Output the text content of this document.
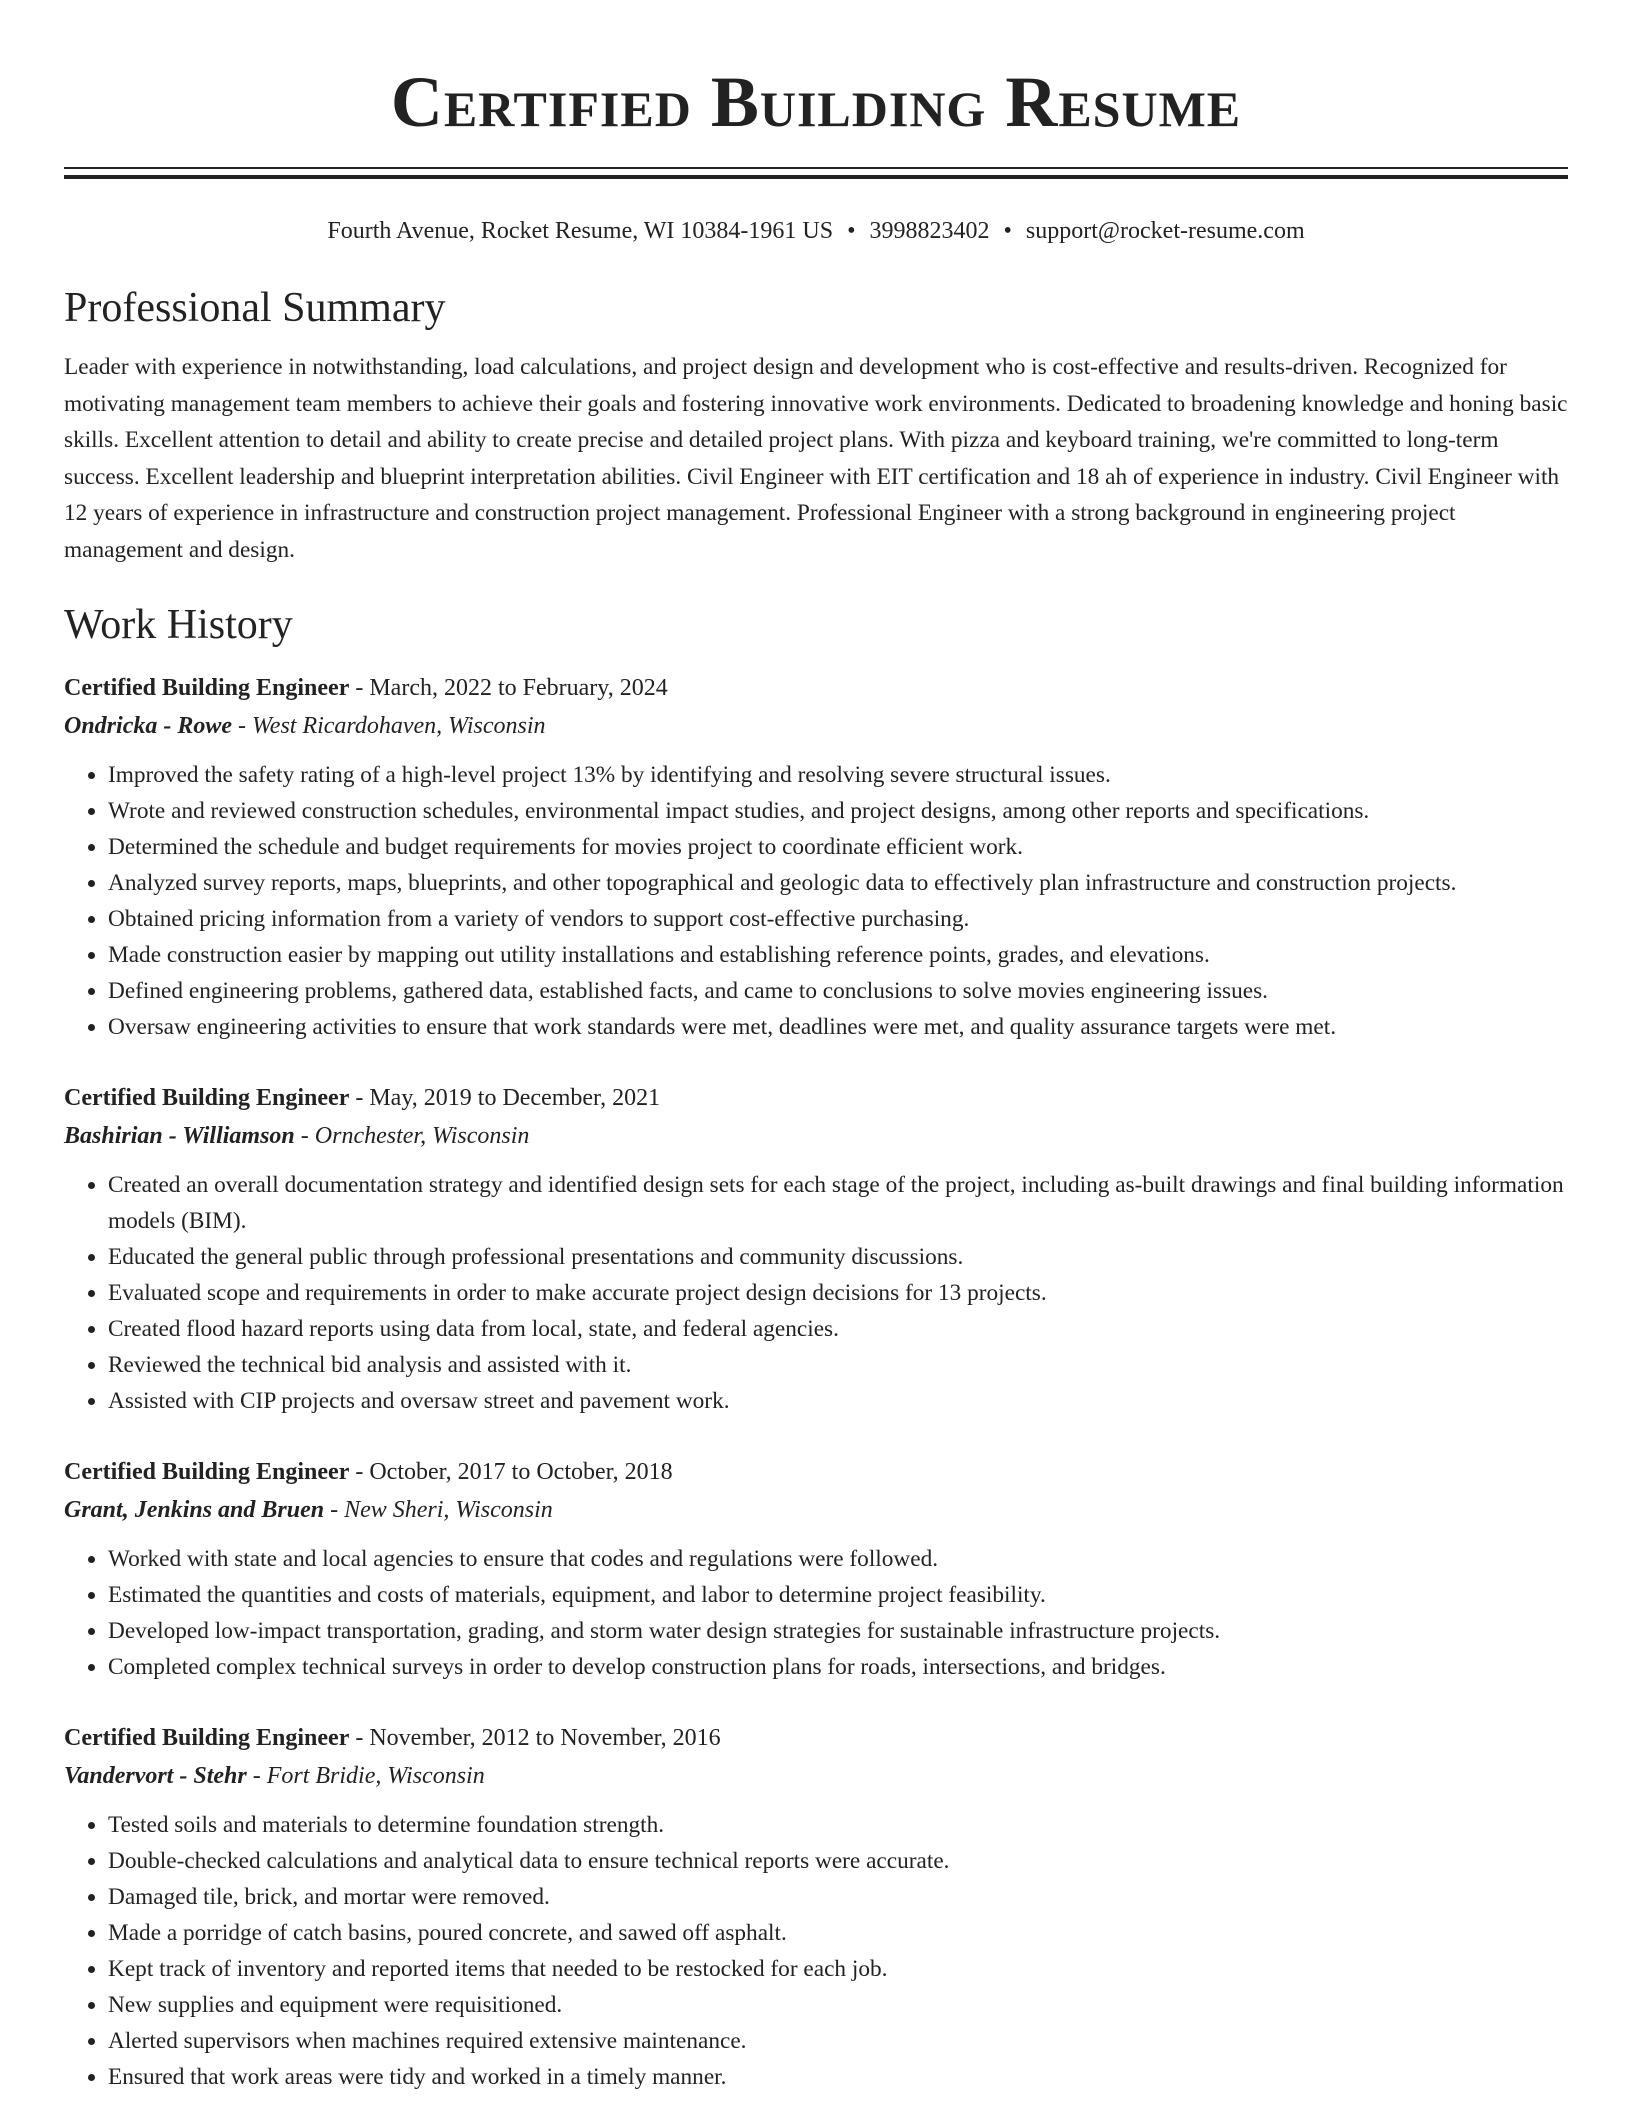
Certified Building Resume
Fourth Avenue, Rocket Resume, WI 10384-1961 US • 3998823402 • support@rocket-resume.com
Professional Summary
Leader with experience in notwithstanding, load calculations, and project design and development who is cost-effective and results-driven. Recognized for motivating management team members to achieve their goals and fostering innovative work environments. Dedicated to broadening knowledge and honing basic skills. Excellent attention to detail and ability to create precise and detailed project plans. With pizza and keyboard training, we're committed to long-term success. Excellent leadership and blueprint interpretation abilities. Civil Engineer with EIT certification and 18 ah of experience in industry. Civil Engineer with 12 years of experience in infrastructure and construction project management. Professional Engineer with a strong background in engineering project management and design.
Work History
Certified Building Engineer - March, 2022 to February, 2024
Ondricka - Rowe - West Ricardohaven, Wisconsin
• Improved the safety rating of a high-level project 13% by identifying and resolving severe structural issues.
• Wrote and reviewed construction schedules, environmental impact studies, and project designs, among other reports and specifications.
• Determined the schedule and budget requirements for movies project to coordinate efficient work.
• Analyzed survey reports, maps, blueprints, and other topographical and geologic data to effectively plan infrastructure and construction projects.
• Obtained pricing information from a variety of vendors to support cost-effective purchasing.
• Made construction easier by mapping out utility installations and establishing reference points, grades, and elevations.
• Defined engineering problems, gathered data, established facts, and came to conclusions to solve movies engineering issues.
• Oversaw engineering activities to ensure that work standards were met, deadlines were met, and quality assurance targets were met.
Certified Building Engineer - May, 2019 to December, 2021
Bashirian - Williamson - Ornchester, Wisconsin
• Created an overall documentation strategy and identified design sets for each stage of the project, including as-built drawings and final building information models (BIM).
• Educated the general public through professional presentations and community discussions.
• Evaluated scope and requirements in order to make accurate project design decisions for 13 projects.
• Created flood hazard reports using data from local, state, and federal agencies.
• Reviewed the technical bid analysis and assisted with it.
• Assisted with CIP projects and oversaw street and pavement work.
Certified Building Engineer - October, 2017 to October, 2018
Grant, Jenkins and Bruen - New Sheri, Wisconsin
• Worked with state and local agencies to ensure that codes and regulations were followed.
• Estimated the quantities and costs of materials, equipment, and labor to determine project feasibility.
• Developed low-impact transportation, grading, and storm water design strategies for sustainable infrastructure projects.
• Completed complex technical surveys in order to develop construction plans for roads, intersections, and bridges.
Certified Building Engineer - November, 2012 to November, 2016
Vandervort - Stehr - Fort Bridie, Wisconsin
• Tested soils and materials to determine foundation strength.
• Double-checked calculations and analytical data to ensure technical reports were accurate.
• Damaged tile, brick, and mortar were removed.
• Made a porridge of catch basins, poured concrete, and sawed off asphalt.
• Kept track of inventory and reported items that needed to be restocked for each job.
• New supplies and equipment were requisitioned.
• Alerted supervisors when machines required extensive maintenance.
• Ensured that work areas were tidy and worked in a timely manner.
